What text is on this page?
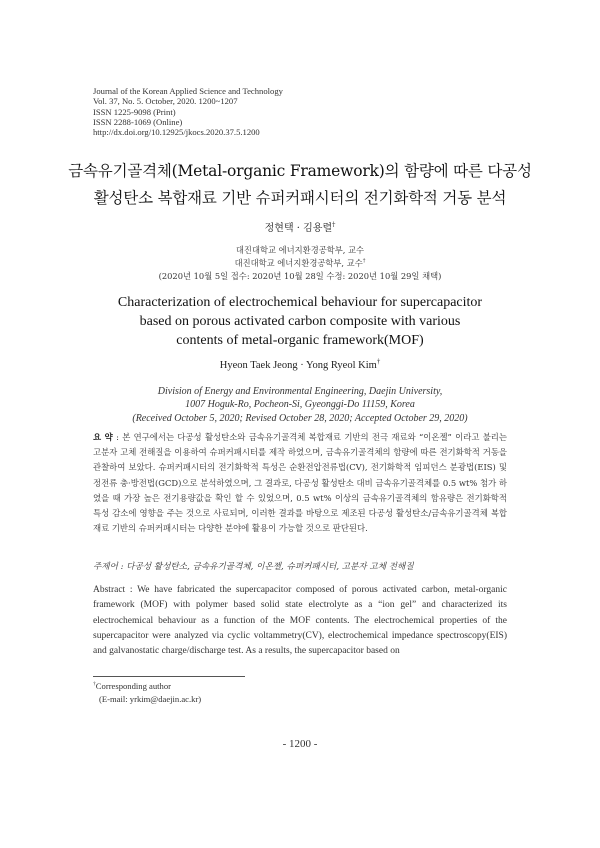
Journal of the Korean Applied Science and Technology
Vol. 37, No. 5. October, 2020. 1200~1207
ISSN 1225-9098 (Print)
ISSN 2288-1069 (Online)
http://dx.doi.org/10.12925/jkocs.2020.37.5.1200
금속유기골격체(Metal-organic Framework)의 함량에 따른 다공성
활성탄소 복합재료 기반 슈퍼커패시터의 전기화학적 거동 분석
정현택 · 김용렬†
대진대학교 에너지환경공학부, 교수
대진대학교 에너지환경공학부, 교수†
(2020년 10월 5일 접수: 2020년 10월 28일 수정: 2020년 10월 29일 채택)
Characterization of electrochemical behaviour for supercapacitor
based on porous activated carbon composite with various
contents of metal-organic framework(MOF)
Hyeon Taek Jeong · Yong Ryeol Kim†
Division of Energy and Environmental Engineering, Daejin University,
1007 Hoguk-Ro, Pocheon-Si, Gyeonggi-Do 11159, Korea
(Received October 5, 2020; Revised October 28, 2020; Accepted October 29, 2020)
요 약 : 본 연구에서는 다공성 활성탄소와 금속유기골격체 복합재료 기반의 전극 재료와 “이온젤” 이라고 불리는 고분자 고체 전해질을 이용하여 슈퍼커패시터를 제작 하였으며, 금속유기골격체의 함량에 따른 전기화학적 거동을 관찰하여 보았다. 슈퍼커패시터의 전기화학적 특성은 순환전압전류법(CV), 전기화학적 임피던스 분광법(EIS) 및 정전류 충·방전법(GCD)으로 분석하였으며, 그 결과로, 다공성 활성탄소 대비 금속유기골격체를 0.5 wt% 첨가 하였을 때 가장 높은 전기용량값을 확인 할 수 있었으며, 0.5 wt% 이상의 금속유기골격체의 함유량은 전기화학적 특성 감소에 영향을 주는 것으로 사료되며, 이러한 결과를 바탕으로 제조된 다공성 활성탄소/금속유기골격체 복합재료 기반의 슈퍼커패시터는 다양한 분야에 활용이 가능할 것으로 판단된다.
주제어 : 다공성 활성탄소, 금속유기골격체, 이온젤, 슈퍼커패시터, 고분자 고체 전해질
Abstract : We have fabricated the supercapacitor composed of porous activated carbon, metal-organic framework (MOF) with polymer based solid state electrolyte as a “ion gel” and characterized its electrochemical behaviour as a function of the MOF contents. The electrochemical properties of the supercapacitor were analyzed via cyclic voltammetry(CV), electrochemical impedance spectroscopy(EIS) and galvanostatic charge/discharge test. As a results, the supercapacitor based on
†Corresponding author
(E-mail: yrkim@daejin.ac.kr)
- 1200 -
